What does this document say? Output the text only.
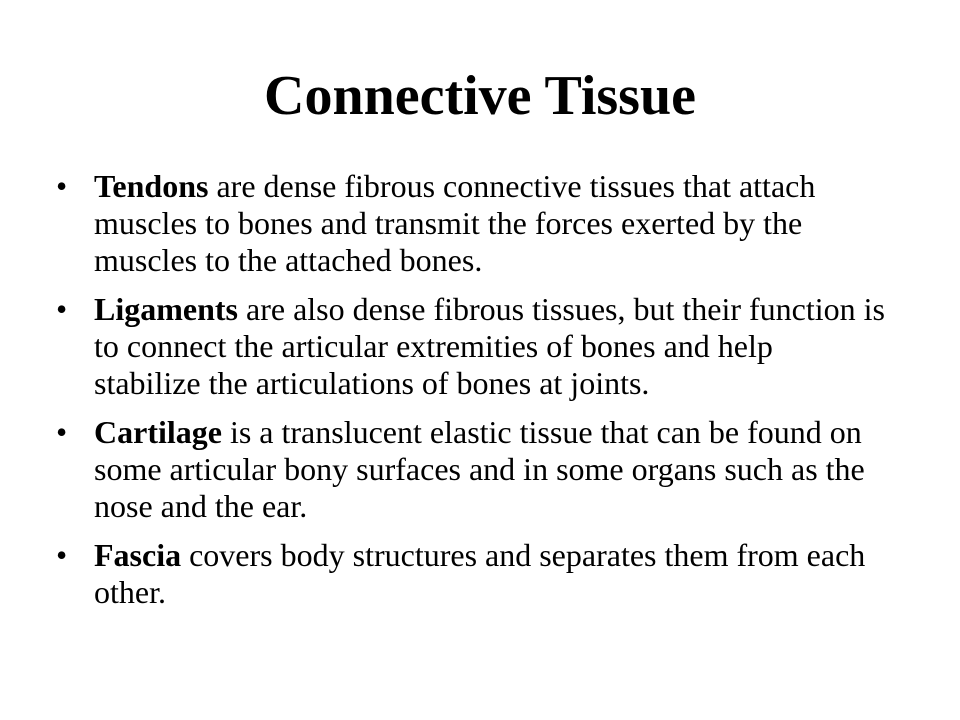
Connective Tissue
• Tendons are dense fibrous connective tissues that attach muscles to bones and transmit the forces exerted by the muscles to the attached bones.
• Ligaments are also dense fibrous tissues, but their function is to connect the articular extremities of bones and help stabilize the articulations of bones at joints.
• Cartilage is a translucent elastic tissue that can be found on some articular bony surfaces and in some organs such as the nose and the ear.
• Fascia covers body structures and separates them from each other.
